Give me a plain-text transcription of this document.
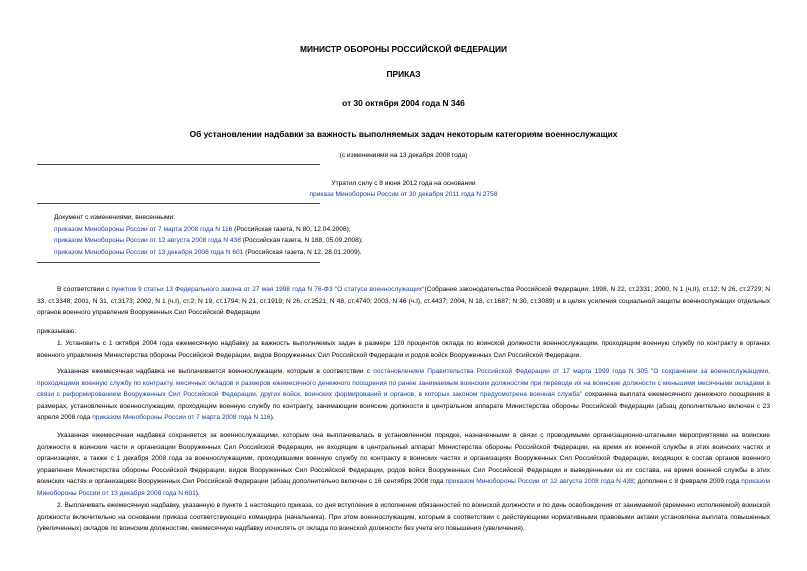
МИНИСТР ОБОРОНЫ РОССИЙСКОЙ ФЕДЕРАЦИИ
ПРИКАЗ
от 30 октября 2004 года N 346
Об установлении надбавки за важность выполняемых задач некоторым категориям военнослужащих
(с изменениями на 13 декабря 2008 года)
Утратил силу с 8 июня 2012 года на основании
приказа Минобороны России от 30 декабря 2011 года N 2758

Документ с изменениями, внесенными:

приказом Минобороны России от 7 марта 2008 года N 116 (Российская газета, N 80, 12.04.2008);

приказом Минобороны России от 12 августа 2008 года N 438 (Российская газета, N 188, 05.09.2008);

приказом Минобороны России от 13 декабря 2008 года N 601 (Российская газета, N 12, 28.01.2009).

В соответствии с пунктом 9 статьи 13 Федерального закона от 27 мая 1998 года N 76-ФЗ "О статусе военнослужащих"(Собрание законодательства Российской Федерации, 1998, N 22, ст.2331; 2000, N 1 (ч.II), ст.12; N 26, ст.2729; N 33, ст.3348; 2001, N 31, ст.3173; 2002, N 1 (ч.I), ст.2; N 19, ст.1794; N 21, ст.1919; N 26, ст.2521; N 48, ст.4740; 2003, N 46 (ч.I), ст.4437; 2004, N 18, ст.1687; N 30, ст.3089) и в целях усиления социальной защиты военнослужащих отдельных органов военного управления Вооруженных Сил Российской Федерации

приказываю:

1. Установить с 1 октября 2004 года ежемесячную надбавку за важность выполняемых задач в размере 120 процентов оклада по воинской должности военнослужащим, проходящим военную службу по контракту в органах военного управления Министерства обороны Российской Федерации, видов Вооруженных Сил Российской Федерации и родов войск Вооруженных Сил Российской Федерации.

Указанная ежемесячная надбавка не выплачивается военнослужащим, которым в соответствии с постановлением Правительства Российской Федерации от 17 марта 1999 года N 305 "О сохранении за военнослужащими, проходящими военную службу по контракту, месячных окладов и размеров ежемесячного денежного поощрения по ранее занимаемым воинским должностям при переводе их на воинские должности с меньшими месячными окладами в связи с реформированием Вооруженных Сил Российской Федерации, других войск, воинских формирований и органов, в которых законом предусмотрена военная служба" сохранена выплата ежемесячного денежного поощрения в размерах, установленных военнослужащим, проходящим военную службу по контракту, занимающим воинские должности в центральном аппарате Министерства обороны Российской Федерации (абзац дополнительно включен с 23 апреля 2008 года приказом Минобороны России от 7 марта 2008 года N 116).

Указанная ежемесячная надбавка сохраняется за военнослужащими, которым она выплачивалась в установленном порядке, назначенными в связи с проводимыми организационно-штатными мероприятиями на воинские должности в воинские части и организации Вооруженных Сил Российской Федерации, не входящие в центральный аппарат Министерства обороны Российской Федерации, на время их военной службы в этих воинских частях и организациях, а также с 1 декабря 2008 года за военнослужащими, проходившими военную службу по контракту в воинских частях и организациях Вооруженных Сил Российской Федерации, входящих в состав органов военного управления Министерства обороны Российской Федерации, видов Вооруженных Сил Российской Федерации, родов войск Вооруженных Сил Российской Федерации и выведенными из их состава, на время военной службы в этих воинских частях и организациях Вооруженных Сил Российской Федерации (абзац дополнительно включен с 16 сентября 2008 года приказом Минобороны России от 12 августа 2008 года N 438; дополнен с 8 февраля 2009 года приказом Минобороны России от 13 декабря 2008 года N 601).

2. Выплачивать ежемесячную надбавку, указанную в пункте 1 настоящего приказа, со дня вступления в исполнение обязанностей по воинской должности и по день освобождения от занимаемой (временно исполняемой) воинской должности включительно на основании приказа соответствующего командира (начальника). При этом военнослужащим, которым в соответствии с действующими нормативными правовыми актами установлена выплата повышенных (увеличенных) окладов по воинским должностям, ежемесячную надбавку исчислять от оклада по воинской должности без учета его повышения (увеличения).
